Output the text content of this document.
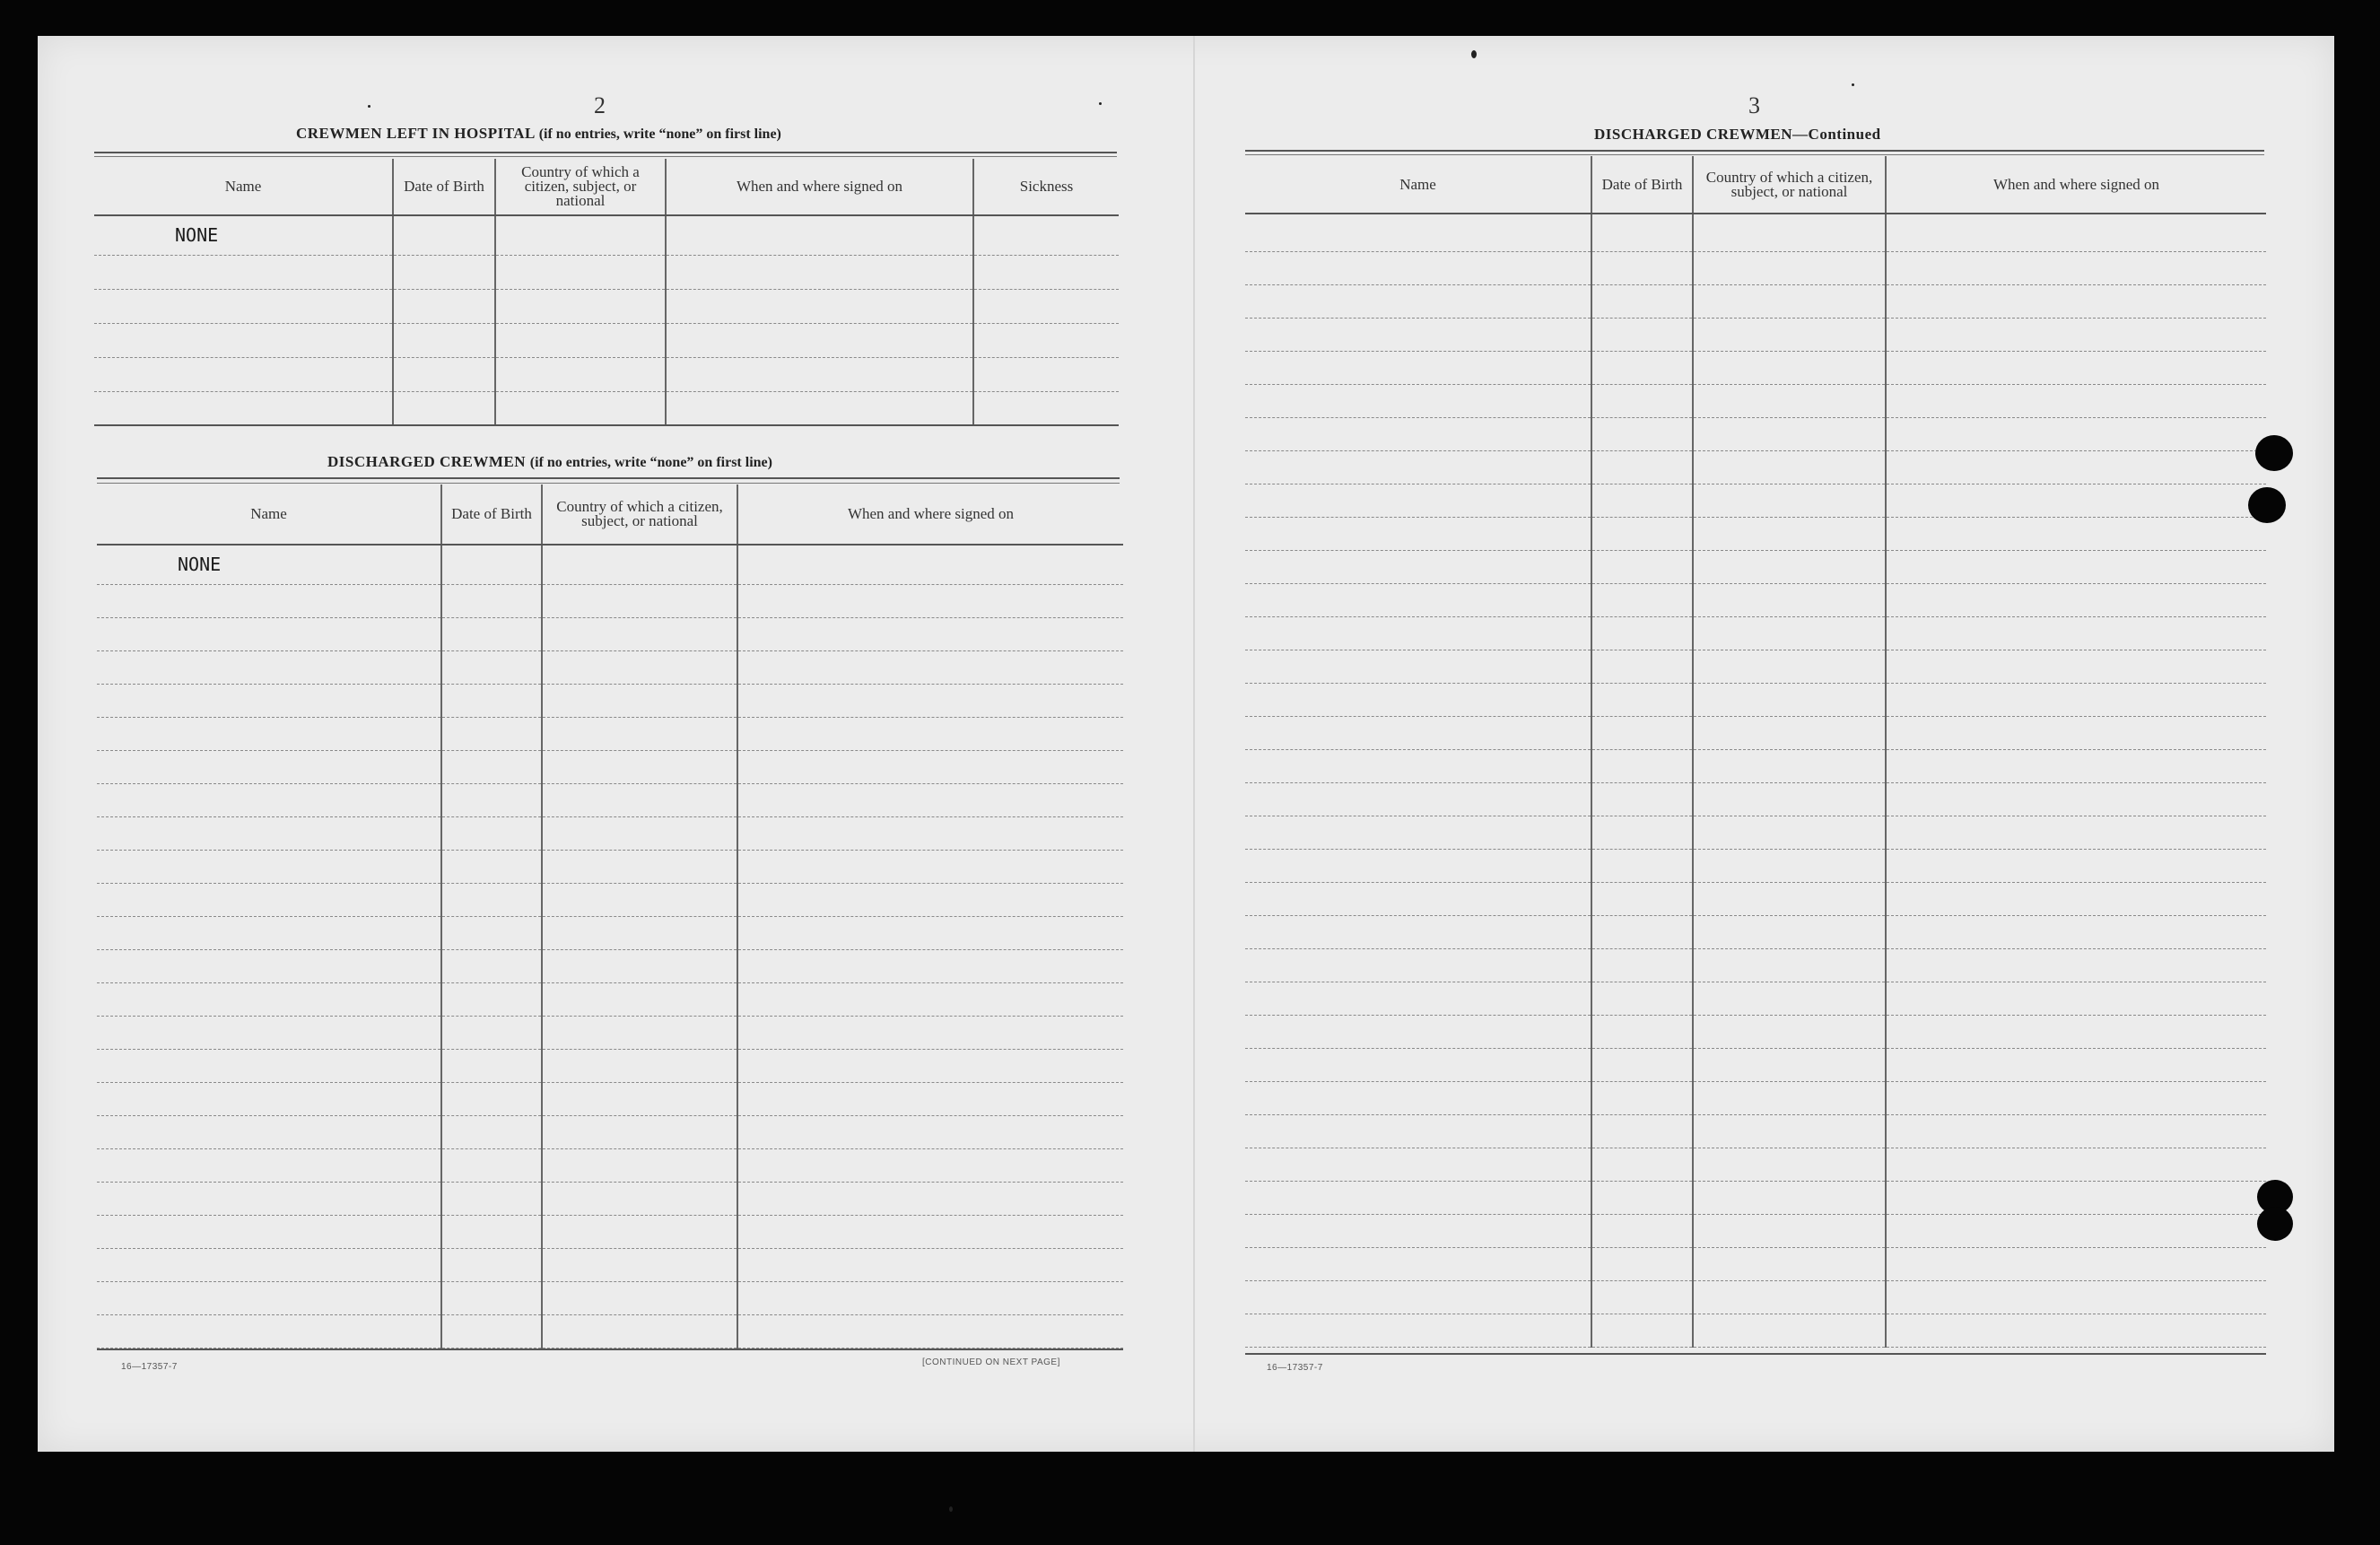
2
CREWMEN LEFT IN HOSPITAL (if no entries, write “none” on first line)
Name	Date of Birth	Country of which a citizen, subject, or national	When and where signed on	Sickness
NONE				

DISCHARGED CREWMEN (if no entries, write “none” on first line)
Name	Date of Birth	Country of which a citizen, subject, or national	When and where signed on
NONE			

16—17357-7	[CONTINUED ON NEXT PAGE]
3
DISCHARGED CREWMEN—Continued
Name	Date of Birth	Country of which a citizen, subject, or national	When and where signed on

16—17357-7
